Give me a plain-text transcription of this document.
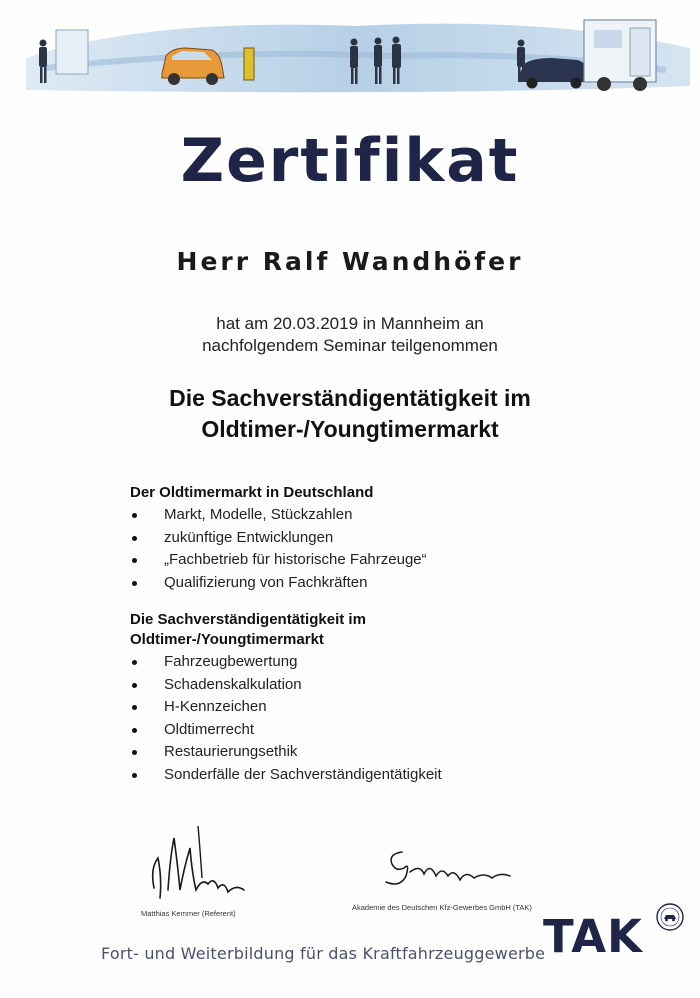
Zertifikat
Herr Ralf Wandhöfer
hat am 20.03.2019 in Mannheim an
nachfolgendem Seminar teilgenommen
Die Sachverständigentätigkeit im
Oldtimer-/Youngtimermarkt
Der Oldtimermarkt in Deutschland
Markt, Modelle, Stückzahlen
zukünftige Entwicklungen
„Fachbetrieb für historische Fahrzeuge“
Qualifizierung von Fachkräften
Die Sachverständigentätigkeit im
Oldtimer-/Youngtimermarkt
Fahrzeugbewertung
Schadenskalkulation
H-Kennzeichen
Oldtimerrecht
Restaurierungsethik
Sonderfälle der Sachverständigentätigkeit
Matthias Kemmer (Referent)
Akademie des Deutschen Kfz-Gewerbes GmbH (TAK)
Fort- und Weiterbildung für das Kraftfahrzeuggewerbe
TAK
